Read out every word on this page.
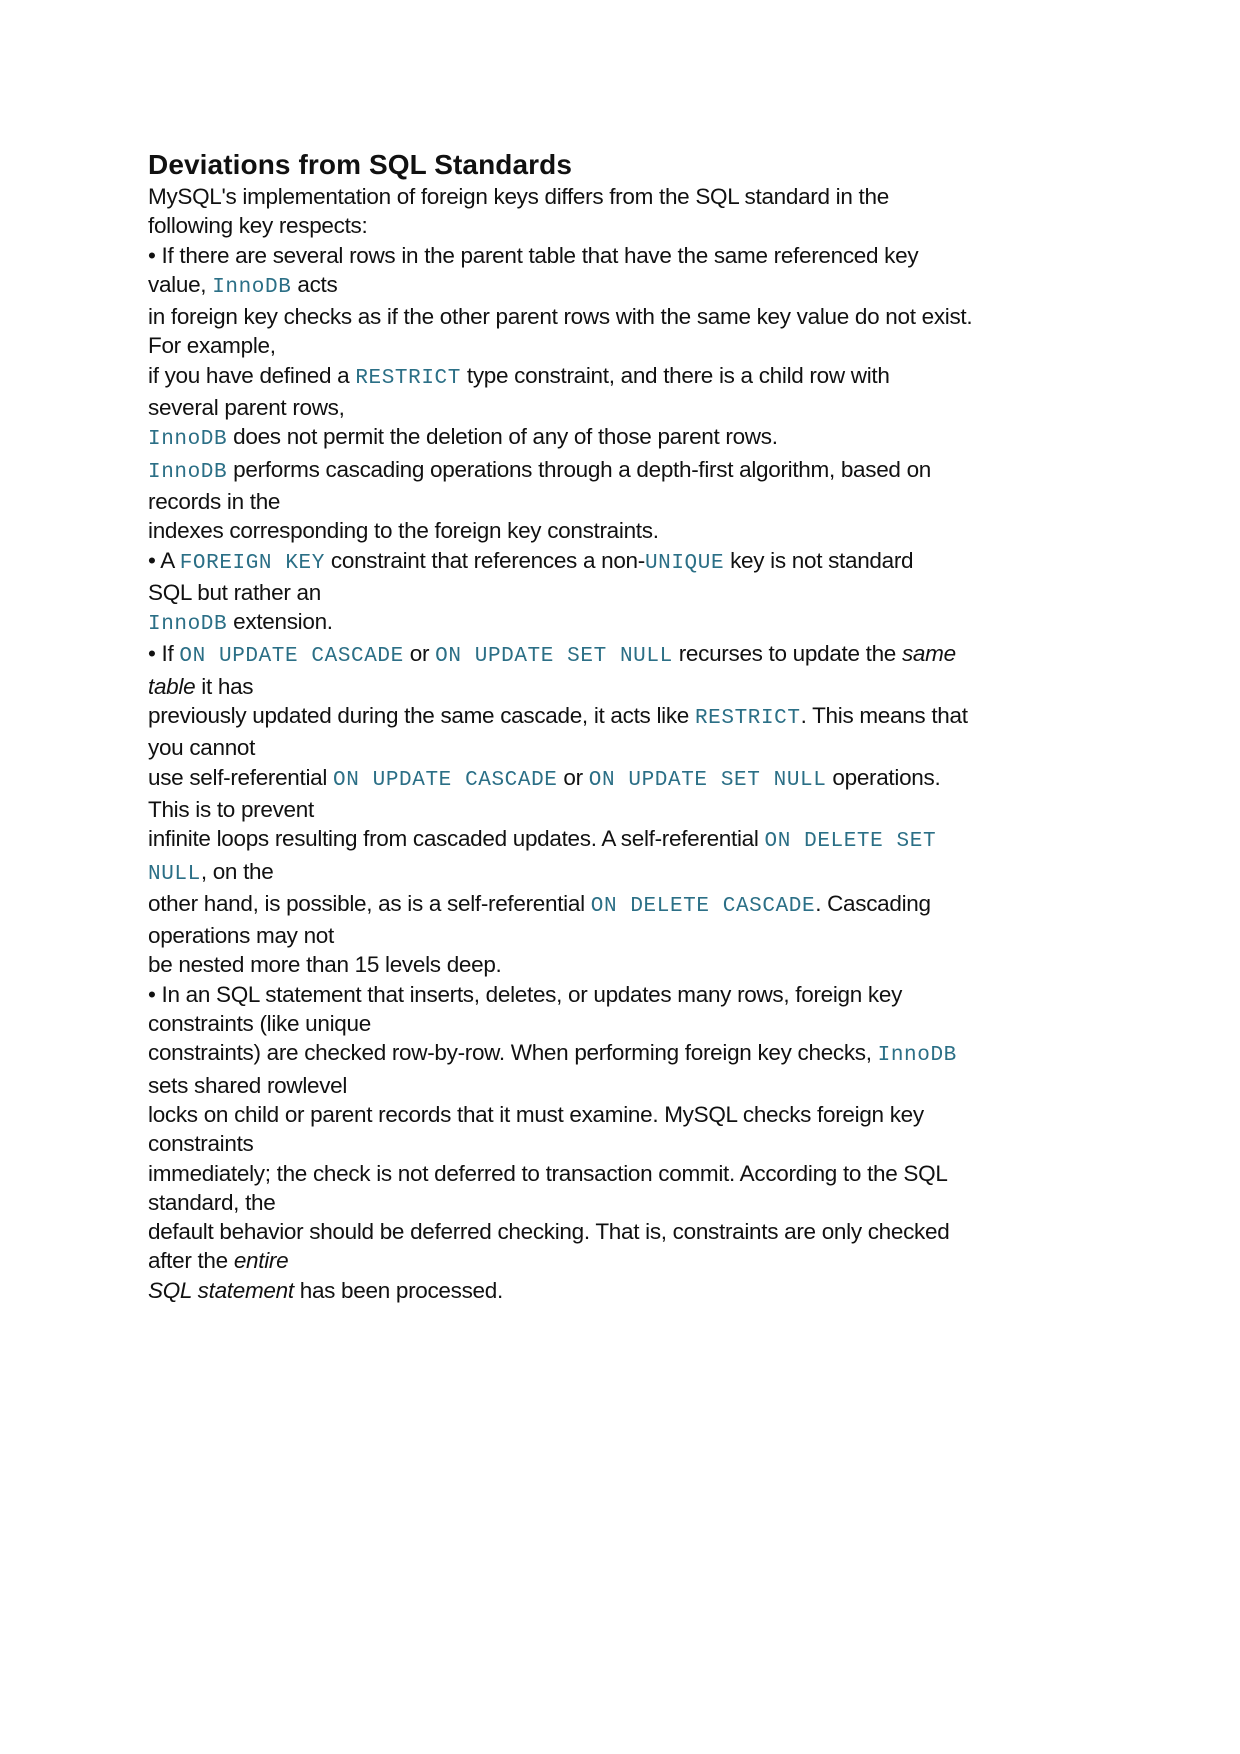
Deviations from SQL Standards
MySQL's implementation of foreign keys differs from the SQL standard in the
following key respects:
• If there are several rows in the parent table that have the same referenced key
value, InnoDB acts
in foreign key checks as if the other parent rows with the same key value do not exist.
For example,
if you have defined a RESTRICT type constraint, and there is a child row with
several parent rows,
InnoDB does not permit the deletion of any of those parent rows.
InnoDB performs cascading operations through a depth-first algorithm, based on
records in the
indexes corresponding to the foreign key constraints.
• A FOREIGN KEY constraint that references a non-UNIQUE key is not standard
SQL but rather an
InnoDB extension.
• If ON UPDATE CASCADE or ON UPDATE SET NULL recurses to update the same
table it has
previously updated during the same cascade, it acts like RESTRICT. This means that
you cannot
use self-referential ON UPDATE CASCADE or ON UPDATE SET NULL operations.
This is to prevent
infinite loops resulting from cascaded updates. A self-referential ON DELETE SET
NULL, on the
other hand, is possible, as is a self-referential ON DELETE CASCADE. Cascading
operations may not
be nested more than 15 levels deep.
• In an SQL statement that inserts, deletes, or updates many rows, foreign key
constraints (like unique
constraints) are checked row-by-row. When performing foreign key checks, InnoDB
sets shared rowlevel
locks on child or parent records that it must examine. MySQL checks foreign key
constraints
immediately; the check is not deferred to transaction commit. According to the SQL
standard, the
default behavior should be deferred checking. That is, constraints are only checked
after the entire
SQL statement has been processed.
